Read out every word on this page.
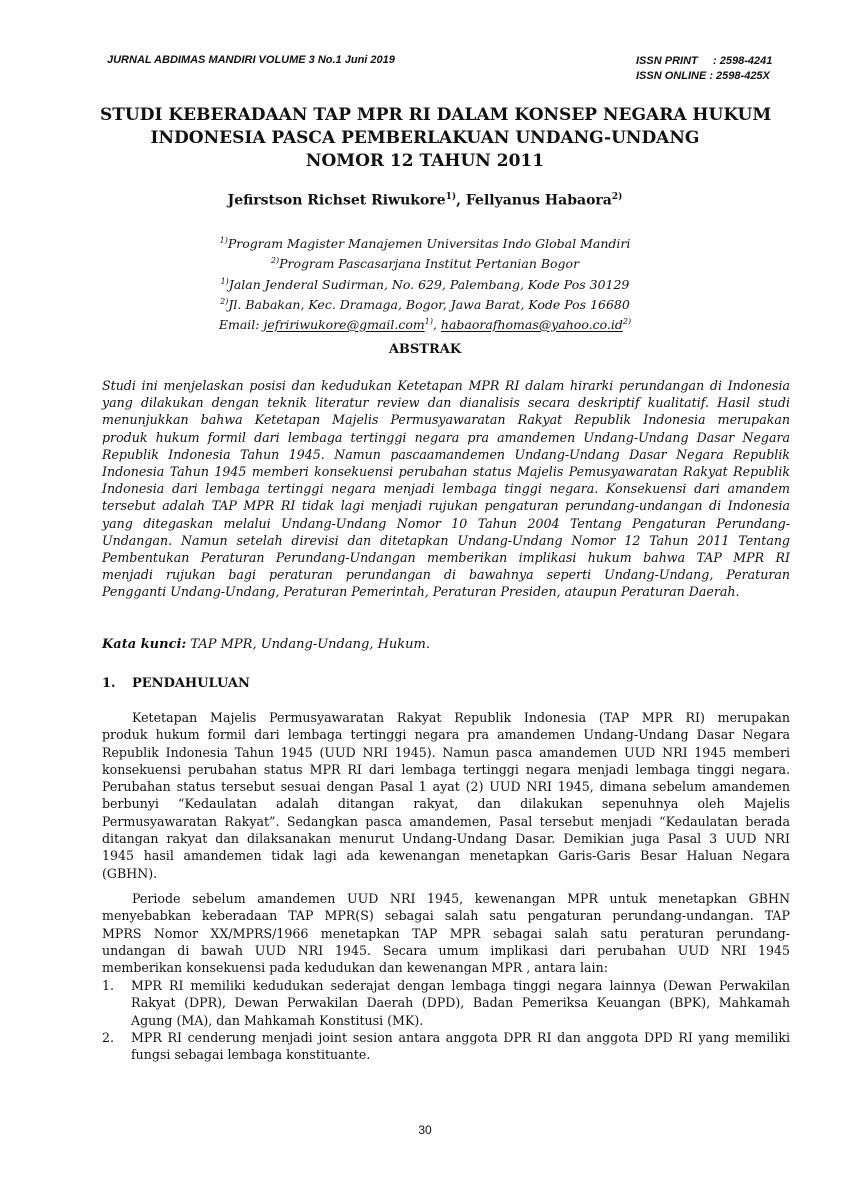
JURNAL ABDIMAS MANDIRI VOLUME 3 No.1 Juni 2019	ISSN PRINT     : 2598-4241
ISSN ONLINE : 2598-425X
STUDI KEBERADAAN TAP MPR RI DALAM KONSEP NEGARA HUKUM
INDONESIA PASCA PEMBERLAKUAN UNDANG-UNDANG
NOMOR 12 TAHUN 2011
Jefirstson Richset Riwukore$^{1)}$, Fellyanus Habaora$^{2)}$
$^{1)}$Program Magister Manajemen Universitas Indo Global Mandiri
$^{2)}$Program Pascasarjana Institut Pertanian Bogor
$^{1)}$Jalan Jenderal Sudirman, No. 629, Palembang, Kode Pos 30129
$^{2)}$Jl. Babakan, Kec. Dramaga, Bogor, Jawa Barat, Kode Pos 16680
Email: jefririwukore@gmail.com$^{1)}$, $habaorafhomas@yahoo.co.id^{2)}$
ABSTRAK
Studi ini menjelaskan posisi dan kedudukan Ketetapan MPR RI dalam hirarki perundangan di Indonesia
yang dilakukan dengan teknik literatur review dan dianalisis secara deskriptif kualitatif. Hasil studi
menunjukkan bahwa Ketetapan Majelis Permusyawaratan Rakyat Republik Indonesia merupakan
produk hukum formil dari lembaga tertinggi negara pra amandemen Undang-Undang Dasar Negara
Republik Indonesia Tahun 1945. Namun pascaamandemen Undang-Undang Dasar Negara Republik
Indonesia Tahun 1945 memberi konsekuensi perubahan status Majelis Pemusyawaratan Rakyat Republik
Indonesia dari lembaga tertinggi negara menjadi lembaga tinggi negara. Konsekuensi dari amandem
tersebut adalah TAP MPR RI tidak lagi menjadi rujukan pengaturan perundang-undangan di Indonesia
yang ditegaskan melalui Undang-Undang Nomor 10 Tahun 2004 Tentang Pengaturan Perundang-
Undangan. Namun setelah direvisi dan ditetapkan Undang-Undang Nomor 12 Tahun 2011 Tentang
Pembentukan Peraturan Perundang-Undangan memberikan implikasi hukum bahwa TAP MPR RI
menjadi rujukan bagi peraturan perundangan di bawahnya seperti Undang-Undang, Peraturan
Pengganti Undang-Undang, Peraturan Pemerintah, Peraturan Presiden, ataupun Peraturan Daerah.
Kata kunci: TAP MPR, Undang-Undang, Hukum.
1. PENDAHULUAN
Ketetapan Majelis Permusyawaratan Rakyat Republik Indonesia (TAP MPR RI) merupakan
produk hukum formil dari lembaga tertinggi negara pra amandemen Undang-Undang Dasar Negara
Republik Indonesia Tahun 1945 (UUD NRI 1945). Namun pasca amandemen UUD NRI 1945 memberi
konsekuensi perubahan status MPR RI dari lembaga tertinggi negara menjadi lembaga tinggi negara.
Perubahan status tersebut sesuai dengan Pasal 1 ayat (2) UUD NRI 1945, dimana sebelum amandemen
berbunyi “Kedaulatan adalah ditangan rakyat, dan dilakukan sepenuhnya oleh Majelis
Permusyawaratan Rakyat”. Sedangkan pasca amandemen, Pasal tersebut menjadi “Kedaulatan berada
ditangan rakyat dan dilaksanakan menurut Undang-Undang Dasar. Demikian juga Pasal 3 UUD NRI
1945 hasil amandemen tidak lagi ada kewenangan menetapkan Garis-Garis Besar Haluan Negara
(GBHN).
Periode sebelum amandemen UUD NRI 1945, kewenangan MPR untuk menetapkan GBHN
menyebabkan keberadaan TAP MPR(S) sebagai salah satu pengaturan perundang-undangan. TAP
MPRS Nomor XX/MPRS/1966 menetapkan TAP MPR sebagai salah satu peraturan perundang-
undangan di bawah UUD NRI 1945. Secara umum implikasi dari perubahan UUD NRI 1945
memberikan konsekuensi pada kedudukan dan kewenangan MPR , antara lain:
1. MPR RI memiliki kedudukan sederajat dengan lembaga tinggi negara lainnya (Dewan Perwakilan
Rakyat (DPR), Dewan Perwakilan Daerah (DPD), Badan Pemeriksa Keuangan (BPK), Mahkamah
Agung (MA), dan Mahkamah Konstitusi (MK).
2. MPR RI cenderung menjadi joint sesion antara anggota DPR RI dan anggota DPD RI yang memiliki
fungsi sebagai lembaga konstituante.
30
